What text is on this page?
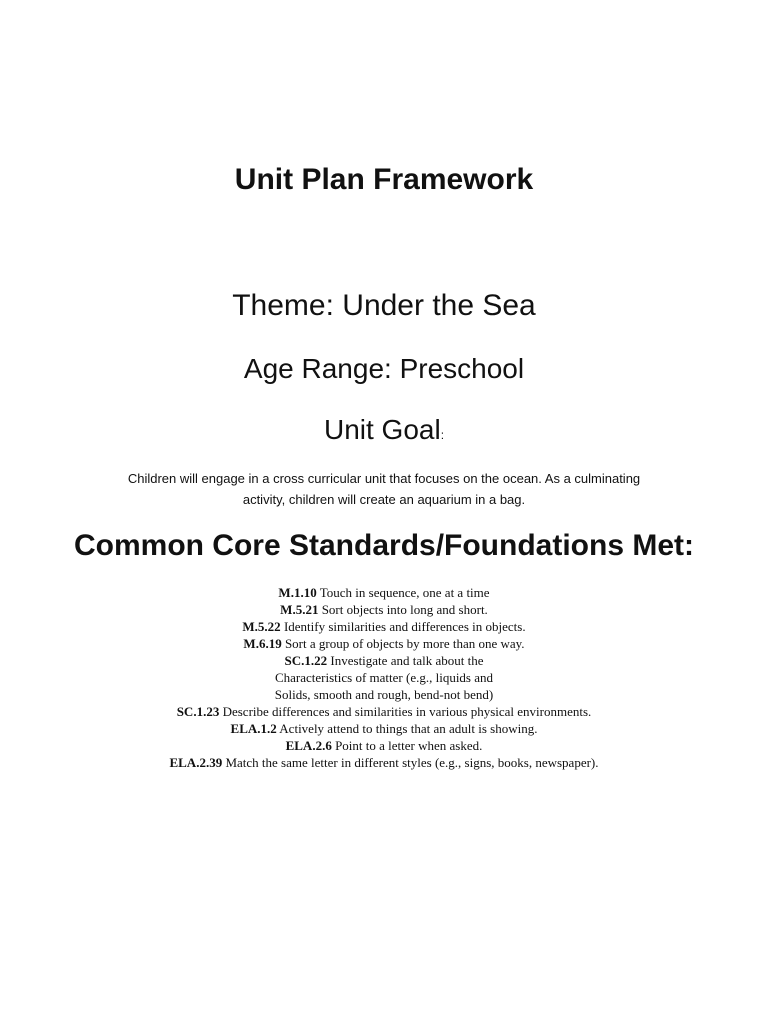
Unit Plan Framework
Theme: Under the Sea
Age Range: Preschool
Unit Goal:

Children will engage in a cross curricular unit that focuses on the ocean. As a culminating
activity, children will create an aquarium in a bag.

Common Core Standards/Foundations Met:
M.1.10 Touch in sequence, one at a time
M.5.21 Sort objects into long and short.
M.5.22 Identify similarities and differences in objects.
M.6.19 Sort a group of objects by more than one way.
SC.1.22 Investigate and talk about the
Characteristics of matter (e.g., liquids and
Solids, smooth and rough, bend-not bend)
SC.1.23 Describe differences and similarities in various physical environments.
ELA.1.2 Actively attend to things that an adult is showing.
ELA.2.6 Point to a letter when asked.
ELA.2.39 Match the same letter in different styles (e.g., signs, books, newspaper).
